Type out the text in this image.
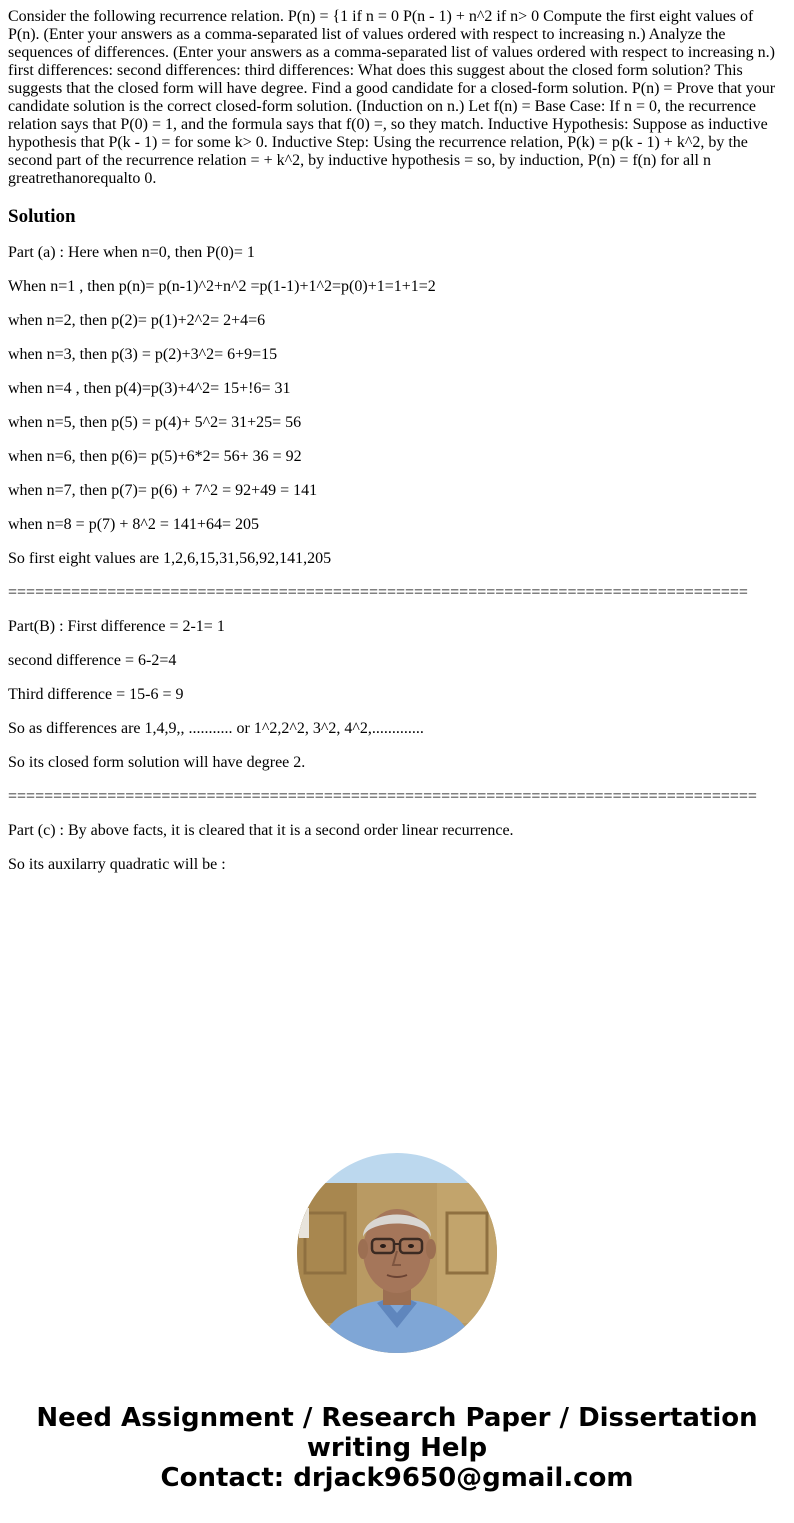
Consider the following recurrence relation. P(n) = {1 if n = 0 P(n - 1) + n^2 if n> 0 Compute the first eight values of P(n). (Enter your answers as a comma-separated list of values ordered with respect to increasing n.) Analyze the sequences of differences. (Enter your answers as a comma-separated list of values ordered with respect to increasing n.) first differences: second differences: third differences: What does this suggest about the closed form solution? This suggests that the closed form will have degree. Find a good candidate for a closed-form solution. P(n) = Prove that your candidate solution is the correct closed-form solution. (Induction on n.) Let f(n) = Base Case: If n = 0, the recurrence relation says that P(0) = 1, and the formula says that f(0) =, so they match. Inductive Hypothesis: Suppose as inductive hypothesis that P(k - 1) = for some k> 0. Inductive Step: Using the recurrence relation, P(k) = p(k - 1) + k^2, by the second part of the recurrence relation = + k^2, by inductive hypothesis = so, by induction, P(n) = f(n) for all n greatrethanorequalto 0.

Solution

Part (a) : Here when n=0, then P(0)= 1

When n=1 , then p(n)= p(n-1)^2+n^2 =p(1-1)+1^2=p(0)+1=1+1=2

when n=2, then p(2)= p(1)+2^2= 2+4=6

when n=3, then p(3) = p(2)+3^2= 6+9=15

when n=4 , then p(4)=p(3)+4^2= 15+!6= 31

when n=5, then p(5) = p(4)+ 5^2= 31+25= 56

when n=6, then p(6)= p(5)+6*2= 56+ 36 = 92

when n=7, then p(7)= p(6) + 7^2 = 92+49 = 141

when n=8 = p(7) + 8^2 = 141+64= 205

So first eight values are 1,2,6,15,31,56,92,141,205

==================================================================================

Part(B) : First difference = 2-1= 1

second difference = 6-2=4

Third difference = 15-6 = 9

So as differences are 1,4,9,, ........... or 1^2,2^2, 3^2, 4^2,.............

So its closed form solution will have degree 2.

===================================================================================

Part (c) : By above facts, it is cleared that it is a second order linear recurrence.

So its auxilarry quadratic will be :

Need Assignment / Research Paper / Dissertation
writing Help
Contact: drjack9650@gmail.com
